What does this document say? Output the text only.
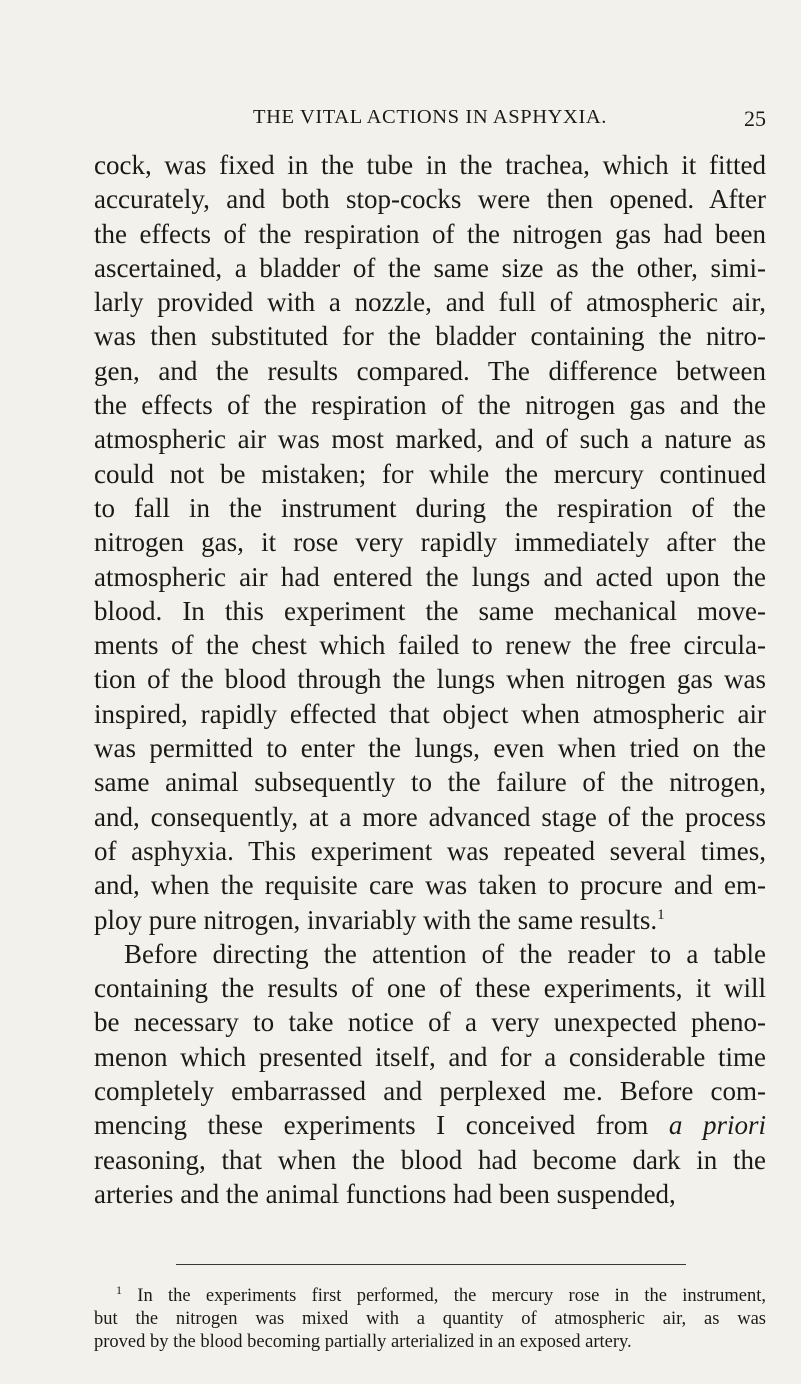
THE VITAL ACTIONS IN ASPHYXIA.	25
cock, was fixed in the tube in the trachea, which it fitted
accurately, and both stop-cocks were then opened. After
the effects of the respiration of the nitrogen gas had been
ascertained, a bladder of the same size as the other, simi-
larly provided with a nozzle, and full of atmospheric air,
was then substituted for the bladder containing the nitro-
gen, and the results compared. The difference between
the effects of the respiration of the nitrogen gas and the
atmospheric air was most marked, and of such a nature as
could not be mistaken; for while the mercury continued
to fall in the instrument during the respiration of the
nitrogen gas, it rose very rapidly immediately after the
atmospheric air had entered the lungs and acted upon the
blood. In this experiment the same mechanical move-
ments of the chest which failed to renew the free circula-
tion of the blood through the lungs when nitrogen gas was
inspired, rapidly effected that object when atmospheric air
was permitted to enter the lungs, even when tried on the
same animal subsequently to the failure of the nitrogen,
and, consequently, at a more advanced stage of the process
of asphyxia. This experiment was repeated several times,
and, when the requisite care was taken to procure and em-
ploy pure nitrogen, invariably with the same results.$^1$
Before directing the attention of the reader to a table
containing the results of one of these experiments, it will
be necessary to take notice of a very unexpected pheno-
menon which presented itself, and for a considerable time
completely embarrassed and perplexed me. Before com-
mencing these experiments I conceived from a priori
reasoning, that when the blood had become dark in the
arteries and the animal functions had been suspended,
$^1$ In the experiments first performed, the mercury rose in the instrument,
but the nitrogen was mixed with a quantity of atmospheric air, as was
proved by the blood becoming partially arterialized in an exposed artery.
